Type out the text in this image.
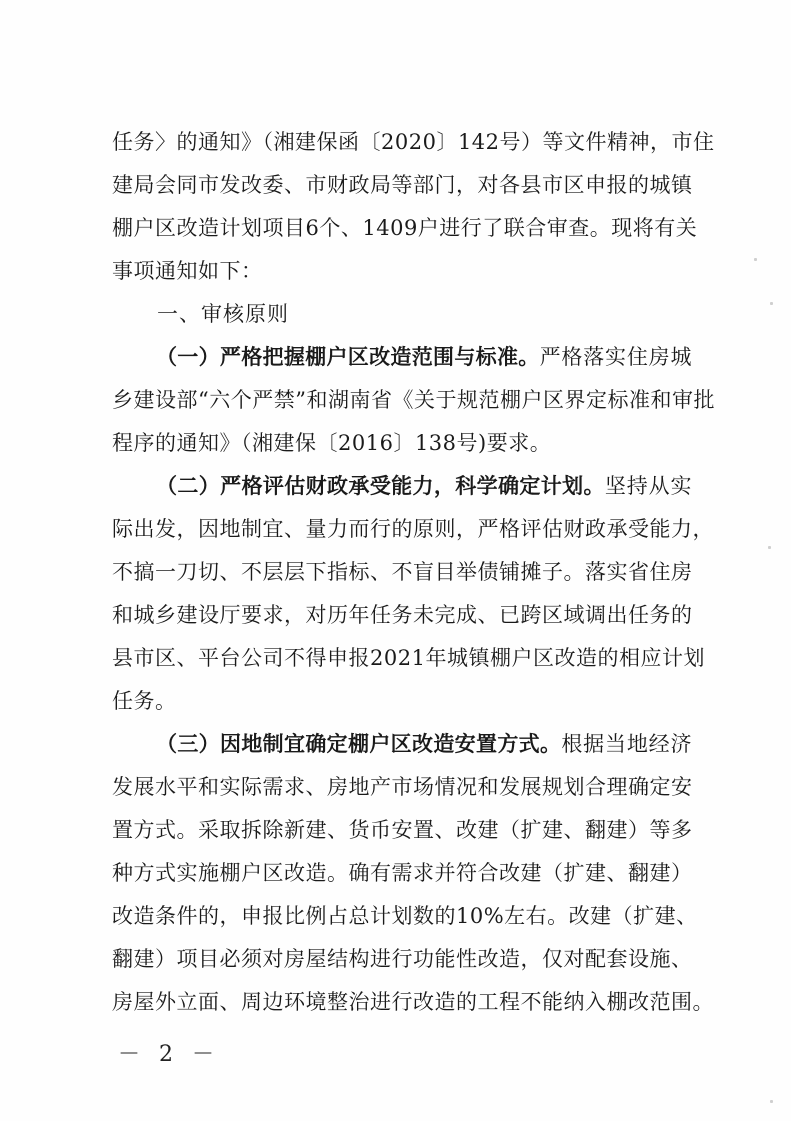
任务〉的通知》（湘建保函〔2020〕142号）等文件精神，市住
建局会同市发改委、市财政局等部门，对各县市区申报的城镇
棚户区改造计划项目6个、1409户进行了联合审查。现将有关
事项通知如下：
一、审核原则
（一）严格把握棚户区改造范围与标准。严格落实住房城
乡建设部“六个严禁”和湖南省《关于规范棚户区界定标准和审批
程序的通知》（湘建保〔2016〕138号)要求。
（二）严格评估财政承受能力，科学确定计划。坚持从实
际出发，因地制宜、量力而行的原则，严格评估财政承受能力，
不搞一刀切、不层层下指标、不盲目举债铺摊子。落实省住房
和城乡建设厅要求，对历年任务未完成、已跨区域调出任务的
县市区、平台公司不得申报2021年城镇棚户区改造的相应计划
任务。
（三）因地制宜确定棚户区改造安置方式。根据当地经济
发展水平和实际需求、房地产市场情况和发展规划合理确定安
置方式。采取拆除新建、货币安置、改建（扩建、翻建）等多
种方式实施棚户区改造。确有需求并符合改建（扩建、翻建）
改造条件的，申报比例占总计划数的10%左右。改建（扩建、
翻建）项目必须对房屋结构进行功能性改造，仅对配套设施、
房屋外立面、周边环境整治进行改造的工程不能纳入棚改范围。
－ 2 －
